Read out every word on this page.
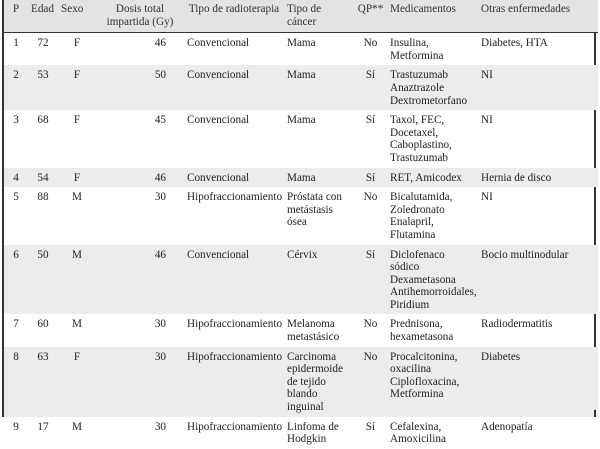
P	Edad	Sexo	Dosis total impartida (Gy)	Tipo de radioterapia	Tipo de cáncer	QP**	Medicamentos	Otras enfermedades
1	72	F	46	Convencional	Mama	No	Insulina, Metformina	Diabetes, HTA
2	53	F	50	Convencional	Mama	Sí	Trastuzumab Anaztrazole Dextrometorfano	NI
3	68	F	45	Convencional	Mama	Sí	Taxol, FEC, Docetaxel, Caboplastino, Trastuzumab	NI
4	54	F	46	Convencional	Mama	Sí	RET, Amicodex	Hernia de disco
5	88	M	30	Hipofraccionamiento	Próstata con metástasis ósea	No	Bicalutamida, Zoledronato Enalapril, Flutamina	NI
6	50	M	46	Convencional	Cérvix	Sí	Diclofenaco sódico Dexametasona Antihemorroidales, Piridium	Bocio multinodular
7	60	M	30	Hipofraccionamiento	Melanoma metastásico	No	Prednisona, hexametasona	Radiodermatitis
8	63	F	30	Hipofraccionamiento	Carcinoma epidermoide de tejido blando inguinal	No	Procalcitonina, oxacilina Ciplofloxacina, Metformina	Diabetes
9	17	M	30	Hipofraccionamiento	Linfoma de Hodgkin	Sí	Cefalexina, Amoxicilina	Adenopatía
